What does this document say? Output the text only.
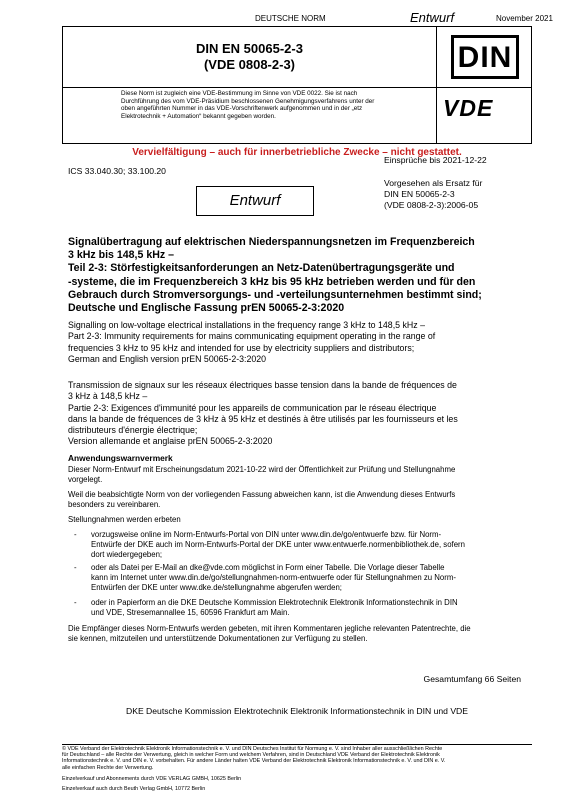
DEUTSCHE NORM	Entwurf	November 2021
DIN EN 50065-2-3
(VDE 0808-2-3)	DIN
Diese Norm ist zugleich eine VDE-Bestimmung im Sinne von VDE 0022. Sie ist nach
Durchführung des vom VDE-Präsidium beschlossenen Genehmigungsverfahrens unter der
oben angeführten Nummer in das VDE-Vorschriftenwerk aufgenommen und in der „etz
Elektrotechnik + Automation“ bekannt gegeben worden.	VDE
Vervielfältigung – auch für innerbetriebliche Zwecke – nicht gestattet.
Einsprüche bis 2021-12-22
ICS 33.040.30; 33.100.20
Vorgesehen als Ersatz für
DIN EN 50065-2-3
(VDE 0808-2-3):2006-05
Entwurf
Signalübertragung auf elektrischen Niederspannungsnetzen im Frequenzbereich
3 kHz bis 148,5 kHz –
Teil 2-3: Störfestigkeitsanforderungen an Netz-Datenübertragungsgeräte und
-systeme, die im Frequenzbereich 3 kHz bis 95 kHz betrieben werden und für den
Gebrauch durch Stromversorgungs- und -verteilungsunternehmen bestimmt sind;
Deutsche und Englische Fassung prEN 50065-2-3:2020
Signalling on low-voltage electrical installations in the frequency range 3 kHz to 148,5 kHz –
Part 2-3: Immunity requirements for mains communicating equipment operating in the range of
frequencies 3 kHz to 95 kHz and intended for use by electricity suppliers and distributors;
German and English version prEN 50065-2-3:2020
Transmission de signaux sur les réseaux électriques basse tension dans la bande de fréquences de
3 kHz à 148,5 kHz –
Partie 2-3: Exigences d'immunité pour les appareils de communication par le réseau électrique
dans la bande de fréquences de 3 kHz à 95 kHz et destinés à être utilisés par les fournisseurs et les
distributeurs d'énergie électrique;
Version allemande et anglaise prEN 50065-2-3:2020
Anwendungswarnvermerk
Dieser Norm-Entwurf mit Erscheinungsdatum 2021-10-22 wird der Öffentlichkeit zur Prüfung und Stellungnahme
vorgelegt.
Weil die beabsichtigte Norm von der vorliegenden Fassung abweichen kann, ist die Anwendung dieses Entwurfs
besonders zu vereinbaren.
Stellungnahmen werden erbeten
- vorzugsweise online im Norm-Entwurfs-Portal von DIN unter www.din.de/go/entwuerfe bzw. für Norm-
Entwürfe der DKE auch im Norm-Entwurfs-Portal der DKE unter www.entwuerfe.normenbibliothek.de, sofern
dort wiedergegeben;
- oder als Datei per E-Mail an dke@vde.com möglichst in Form einer Tabelle. Die Vorlage dieser Tabelle
kann im Internet unter www.din.de/go/stellungnahmen-norm-entwuerfe oder für Stellungnahmen zu Norm-
Entwürfen der DKE unter www.dke.de/stellungnahme abgerufen werden;
- oder in Papierform an die DKE Deutsche Kommission Elektrotechnik Elektronik Informationstechnik in DIN
und VDE, Stresemannallee 15, 60596 Frankfurt am Main.
Die Empfänger dieses Norm-Entwurfs werden gebeten, mit ihren Kommentaren jegliche relevanten Patentrechte, die
sie kennen, mitzuteilen und unterstützende Dokumentationen zur Verfügung zu stellen.
Gesamtumfang 66 Seiten
DKE Deutsche Kommission Elektrotechnik Elektronik Informationstechnik in DIN und VDE
© VDE Verband der Elektrotechnik Elektronik Informationstechnik e. V. und DIN Deutsches Institut für Normung e. V. sind Inhaber aller ausschließlichen Rechte
für Deutschland – alle Rechte der Verwertung, gleich in welcher Form und welchem Verfahren, sind in Deutschland VDE Verband der Elektrotechnik Elektronik
Informationstechnik e. V. und DIN e. V. vorbehalten. Für andere Länder halten VDE Verband der Elektrotechnik Elektronik Informationstechnik e. V. und DIN e. V.
alle einfachen Rechte der Verwertung.
Einzelverkauf und Abonnements durch VDE VERLAG GMBH, 10625 Berlin
Einzelverkauf auch durch Beuth Verlag GmbH, 10772 Berlin
